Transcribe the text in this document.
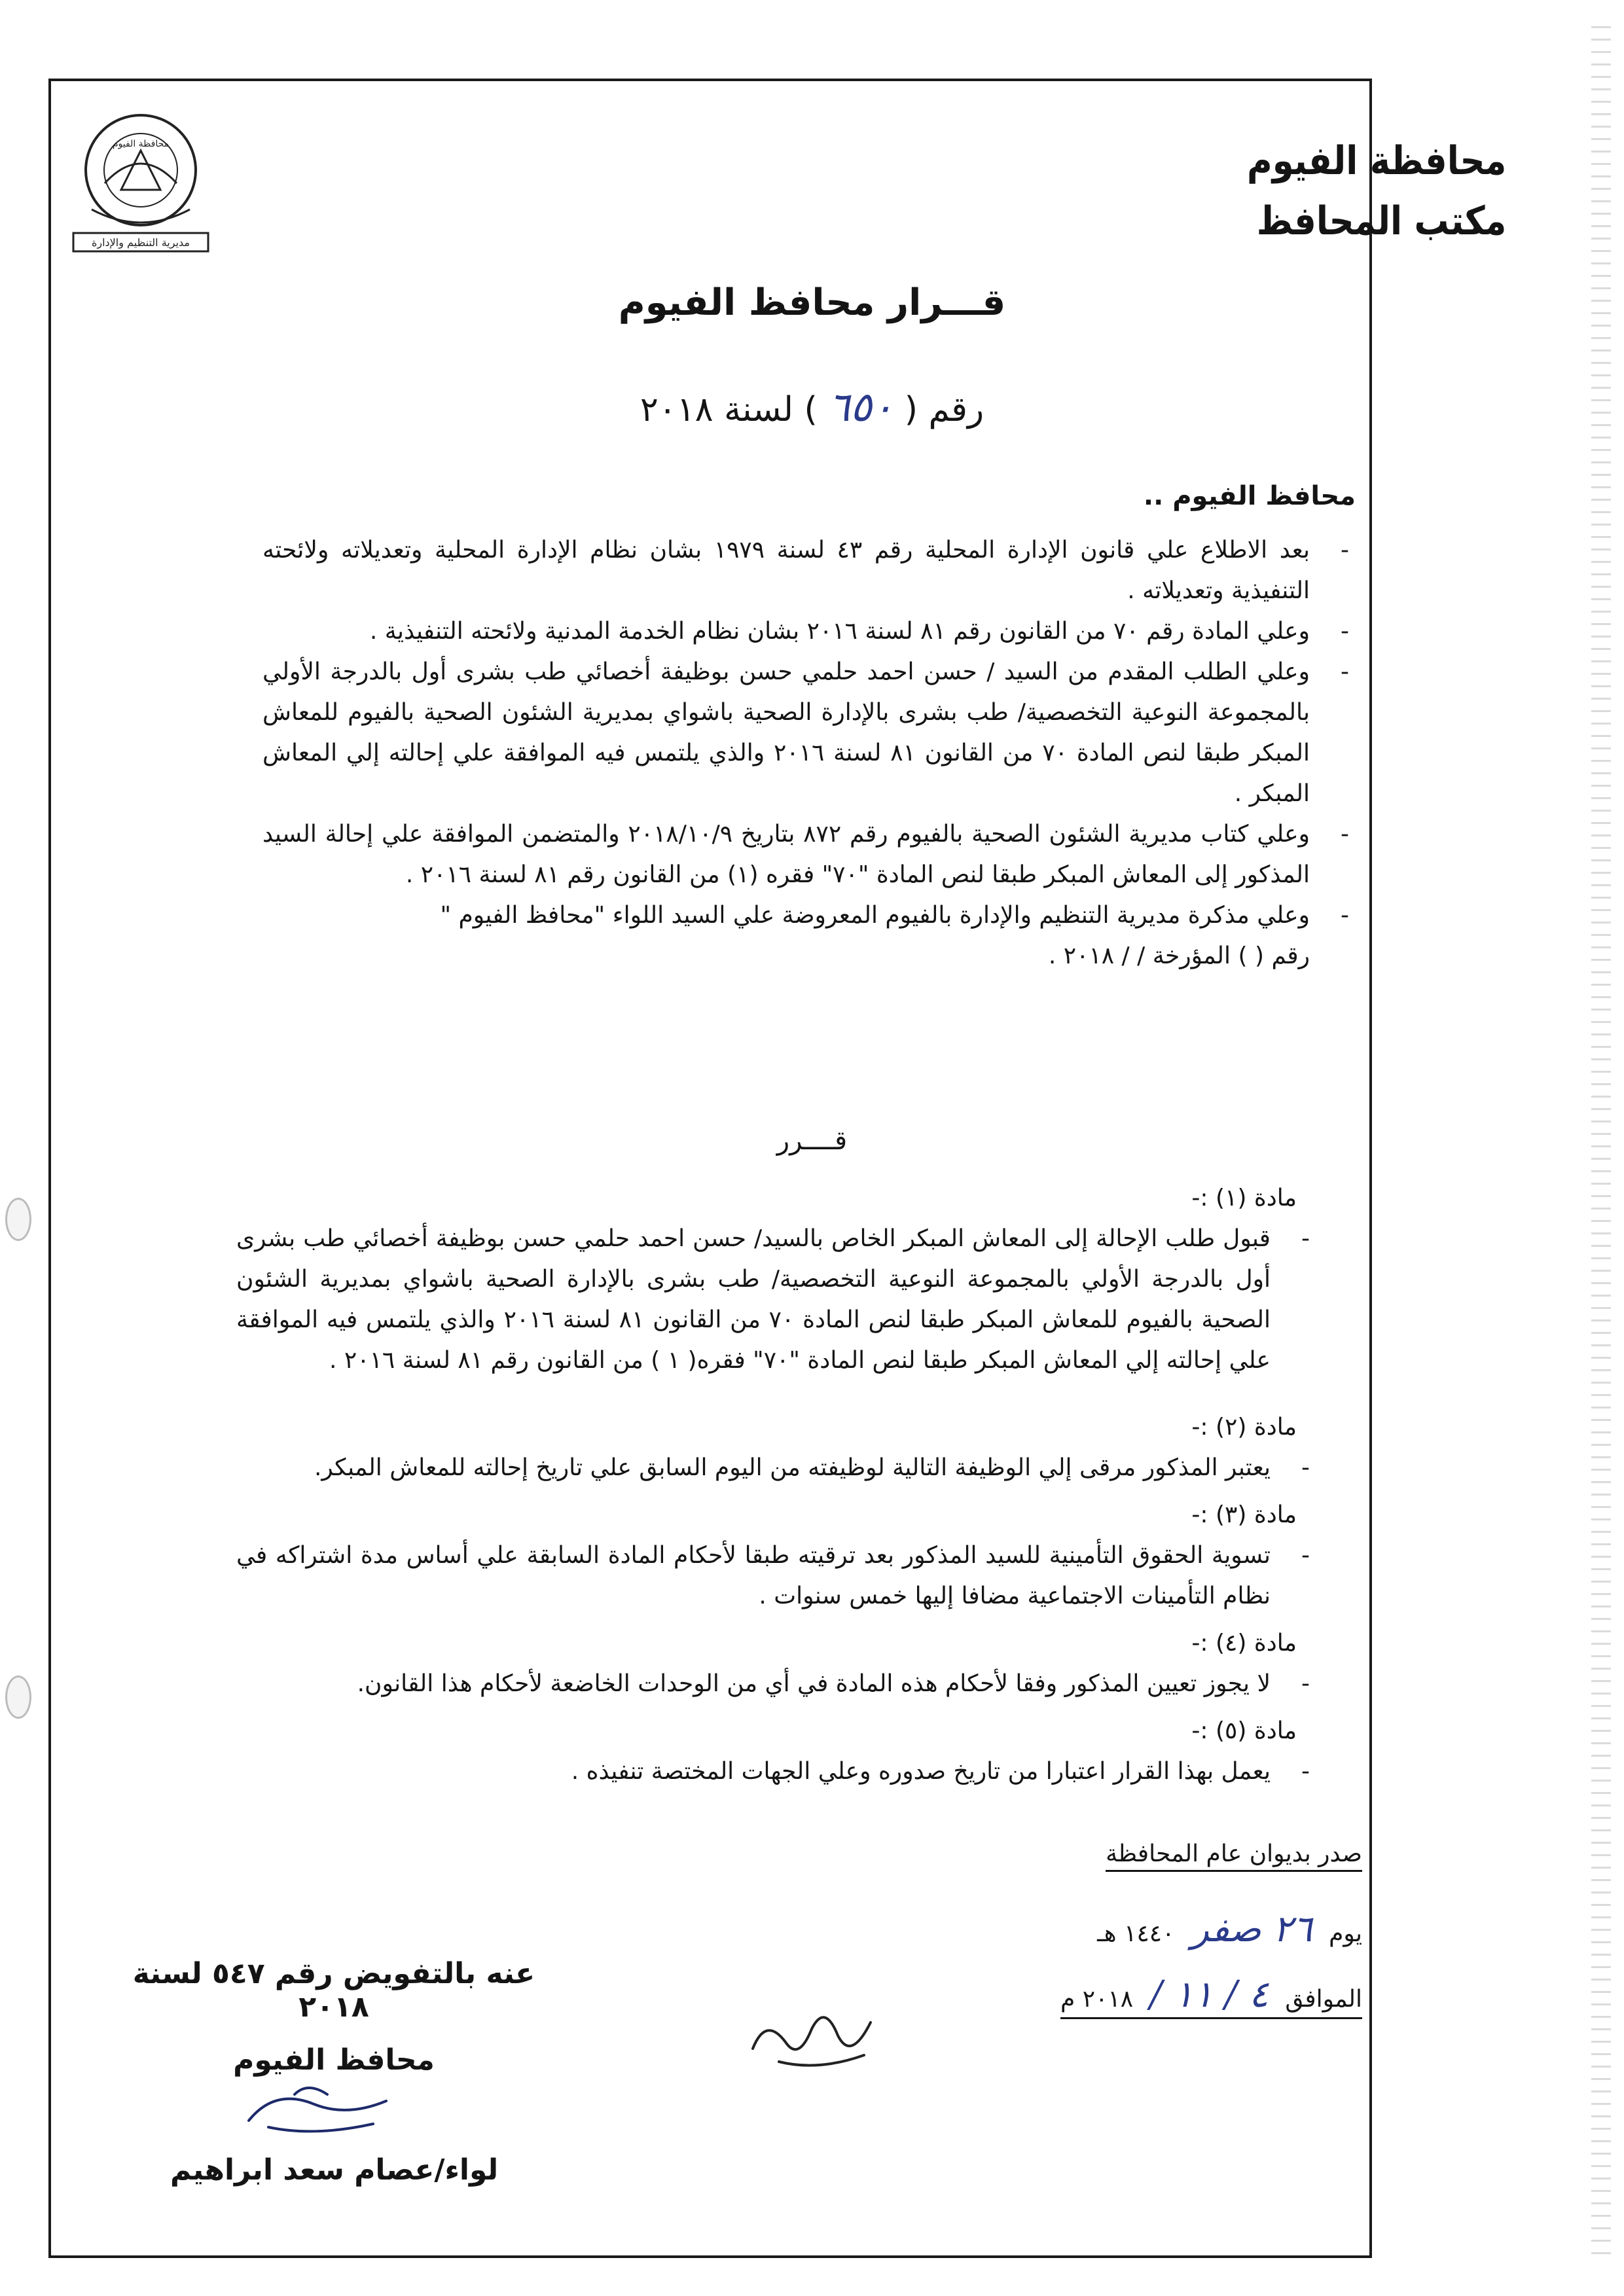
محافظة الفيوم
مديرية التنظيم والإدارة
محافظة الفيوم
مكتب المحافظ
قـــرار محافظ الفيوم
رقم ( ٦٥٠ ) لسنة ٢٠١٨
محافظ الفيوم ..

- بعد الاطلاع علي قانون الإدارة المحلية رقم ٤٣ لسنة ١٩٧٩ بشان نظام الإدارة المحلية وتعديلاته ولائحته التنفيذية وتعديلاته .

- وعلي المادة رقم ٧٠ من القانون رقم ٨١ لسنة ٢٠١٦ بشان نظام الخدمة المدنية ولائحته التنفيذية .

- وعلي الطلب المقدم من السيد / حسن احمد حلمي حسن بوظيفة أخصائي طب بشرى أول بالدرجة الأولي بالمجموعة النوعية التخصصية/ طب بشرى بالإدارة الصحية باشواي بمديرية الشئون الصحية بالفيوم للمعاش المبكر طبقا لنص المادة ٧٠ من القانون ٨١ لسنة ٢٠١٦ والذي يلتمس فيه الموافقة علي إحالته إلي المعاش المبكر .

- وعلي كتاب مديرية الشئون الصحية بالفيوم رقم ٨٧٢ بتاريخ ٢٠١٨/١٠/٩ والمتضمن الموافقة علي إحالة السيد المذكور إلى المعاش المبكر طبقا لنص المادة "٧٠" فقره (١) من القانون رقم ٨١ لسنة ٢٠١٦ .

- وعلي مذكرة مديرية التنظيم والإدارة بالفيوم المعروضة علي السيد اللواء "محافظ الفيوم "

رقم ( ) المؤرخة / / ٢٠١٨ .

قــــرر

مادة (١) :-

- قبول طلب الإحالة إلى المعاش المبكر الخاص بالسيد/ حسن احمد حلمي حسن بوظيفة أخصائي طب بشرى أول بالدرجة الأولي بالمجموعة النوعية التخصصية/ طب بشرى بالإدارة الصحية باشواي بمديرية الشئون الصحية بالفيوم للمعاش المبكر طبقا لنص المادة ٧٠ من القانون ٨١ لسنة ٢٠١٦ والذي يلتمس فيه الموافقة علي إحالته إلي المعاش المبكر طبقا لنص المادة "٧٠" فقره( ١ ) من القانون رقم ٨١ لسنة ٢٠١٦ .

مادة (٢) :-

- يعتبر المذكور مرقى إلي الوظيفة التالية لوظيفته من اليوم السابق علي تاريخ إحالته للمعاش المبكر.

مادة (٣) :-

- تسوية الحقوق التأمينية للسيد المذكور بعد ترقيته طبقا لأحكام المادة السابقة علي أساس مدة اشتراكه في نظام التأمينات الاجتماعية مضافا إليها خمس سنوات .

مادة (٤) :-

- لا يجوز تعيين المذكور وفقا لأحكام هذه المادة في أي من الوحدات الخاضعة لأحكام هذا القانون.

مادة (٥) :-

- يعمل بهذا القرار اعتبارا من تاريخ صدوره وعلي الجهات المختصة تنفيذه .

صدر بديوان عام المحافظة
يوم ٢٦ صفر ١٤٤٠ هـ
الموافق ٤ / ١١ / ٢٠١٨ م
عنه بالتفويض رقم ٥٤٧ لسنة ٢٠١٨
محافظ الفيوم
لواء/عصام سعد ابراهيم
مدير عام
